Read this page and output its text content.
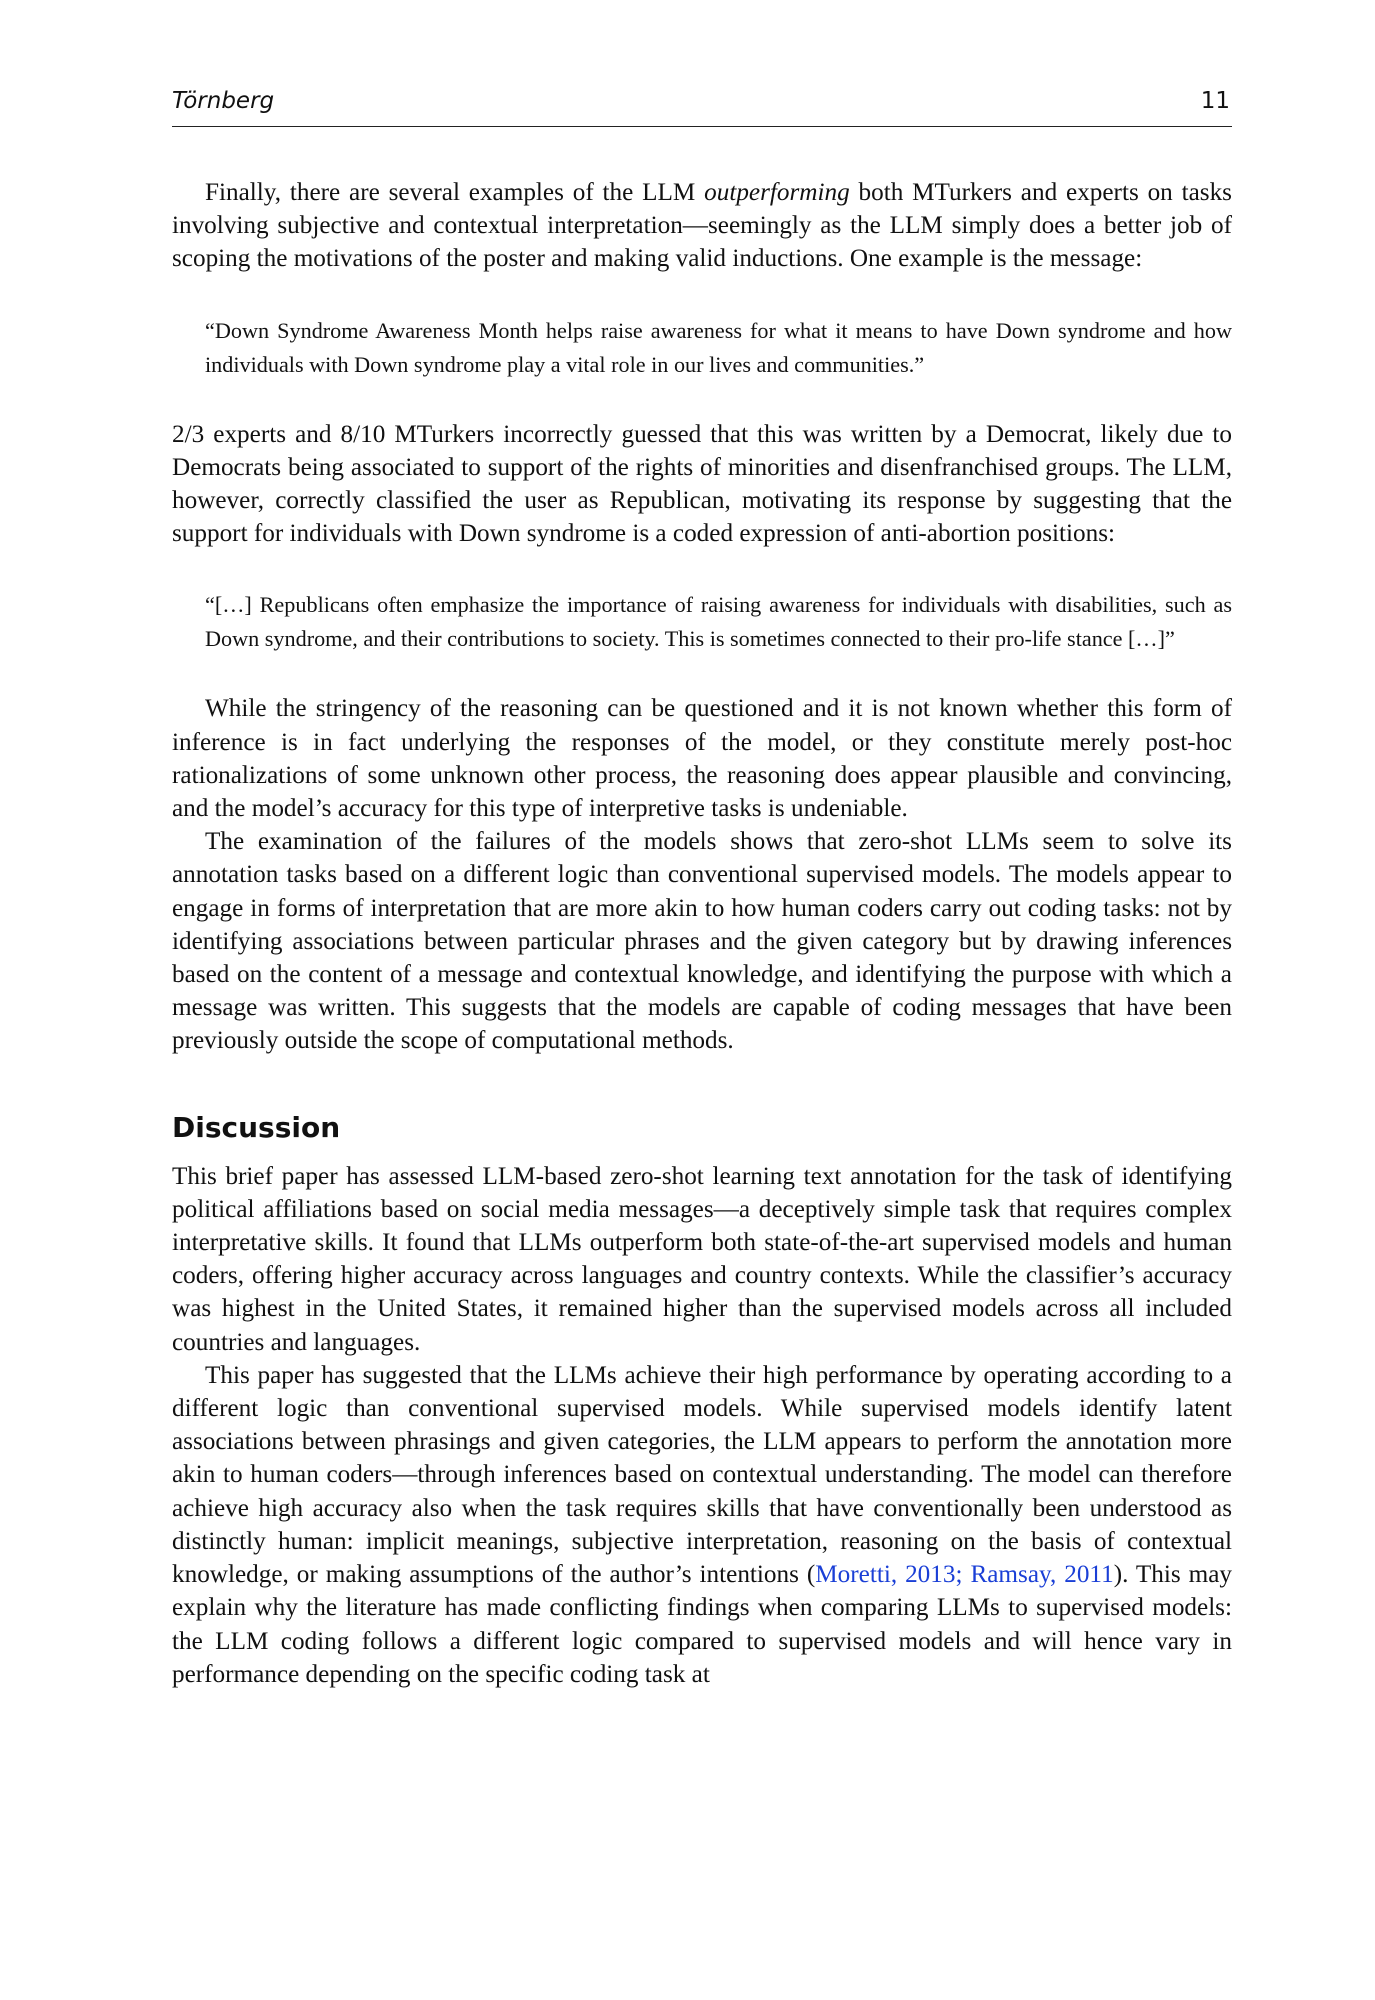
Törnberg	11

Finally, there are several examples of the LLM outperforming both MTurkers and experts on tasks involving subjective and contextual interpretation—seemingly as the LLM simply does a better job of scoping the motivations of the poster and making valid inductions. One example is the message:

“Down Syndrome Awareness Month helps raise awareness for what it means to have Down syndrome and how individuals with Down syndrome play a vital role in our lives and communities.”

2/3 experts and 8/10 MTurkers incorrectly guessed that this was written by a Democrat, likely due to Democrats being associated to support of the rights of minorities and disenfranchised groups. The LLM, however, correctly classified the user as Republican, motivating its response by suggesting that the support for individuals with Down syndrome is a coded expression of anti-abortion positions:

“[…] Republicans often emphasize the importance of raising awareness for individuals with disabilities, such as Down syndrome, and their contributions to society. This is sometimes connected to their pro-life stance […]”

While the stringency of the reasoning can be questioned and it is not known whether this form of inference is in fact underlying the responses of the model, or they constitute merely post-hoc rationalizations of some unknown other process, the reasoning does appear plausible and convincing, and the model’s accuracy for this type of interpretive tasks is undeniable.

The examination of the failures of the models shows that zero-shot LLMs seem to solve its annotation tasks based on a different logic than conventional supervised models. The models appear to engage in forms of interpretation that are more akin to how human coders carry out coding tasks: not by identifying associations between particular phrases and the given category but by drawing inferences based on the content of a message and contextual knowledge, and identifying the purpose with which a message was written. This suggests that the models are capable of coding messages that have been previously outside the scope of computational methods.

Discussion

This brief paper has assessed LLM-based zero-shot learning text annotation for the task of identifying political affiliations based on social media messages—a deceptively simple task that requires complex interpretative skills. It found that LLMs outperform both state-of-the-art supervised models and human coders, offering higher accuracy across languages and country contexts. While the classifier’s accuracy was highest in the United States, it remained higher than the supervised models across all included countries and languages.

This paper has suggested that the LLMs achieve their high performance by operating according to a different logic than conventional supervised models. While supervised models identify latent associations between phrasings and given categories, the LLM appears to perform the annotation more akin to human coders—through inferences based on contextual understanding. The model can therefore achieve high accuracy also when the task requires skills that have conventionally been understood as distinctly human: implicit meanings, subjective interpretation, reasoning on the basis of contextual knowledge, or making assumptions of the author’s intentions (Moretti, 2013; Ramsay, 2011). This may explain why the literature has made conflicting findings when comparing LLMs to supervised models: the LLM coding follows a different logic compared to supervised models and will hence vary in performance depending on the specific coding task at
